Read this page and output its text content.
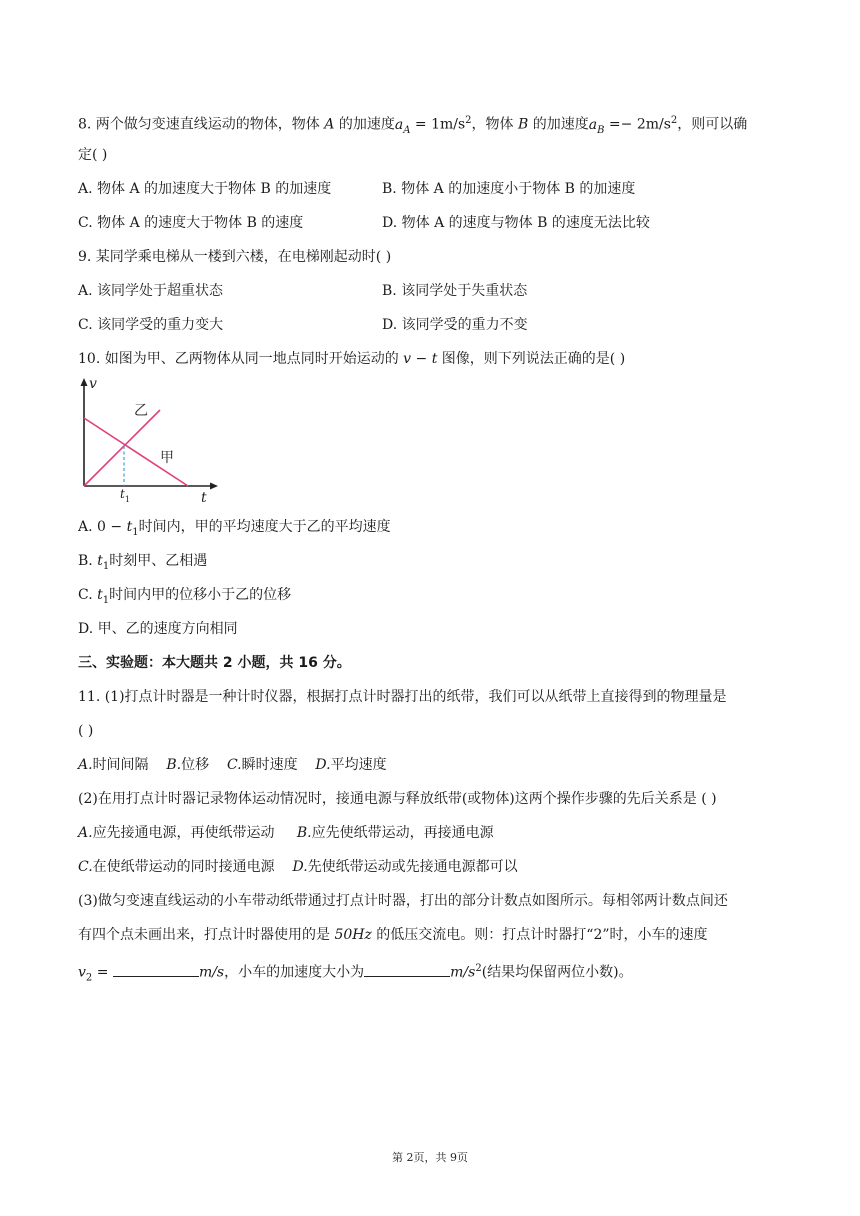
8. 两个做匀变速直线运动的物体，物体 A 的加速度$a_A = 1m/s^2$，物体 B 的加速度$a_B =- 2m/s^2$，则可以确
定( )
A. 物体 A 的加速度大于物体 B 的加速度	B. 物体 A 的加速度小于物体 B 的加速度
C. 物体 A 的速度大于物体 B 的速度	D. 物体 A 的速度与物体 B 的速度无法比较
9. 某同学乘电梯从一楼到六楼，在电梯刚起动时( )
A. 该同学处于超重状态	B. 该同学处于失重状态
C. 该同学受的重力变大	D. 该同学受的重力不变
10. 如图为甲、乙两物体从同一地点同时开始运动的 v − t 图像，则下列说法正确的是( )
v
t
$t_1$
乙
甲
A. $0 - t_1$时间内，甲的平均速度大于乙的平均速度
B. $t_1$时刻甲、乙相遇
C. $t_1$时间内甲的位移小于乙的位移
D. 甲、乙的速度方向相同
三、实验题：本大题共 2 小题，共 16 分。
11. (1)打点计时器是一种计时仪器，根据打点计时器打出的纸带，我们可以从纸带上直接得到的物理量是
( )
A.时间间隔 B.位移 C.瞬时速度 D.平均速度
(2)在用打点计时器记录物体运动情况时，接通电源与释放纸带(或物体)这两个操作步骤的先后关系是 ( )
A.应先接通电源，再使纸带运动 B.应先使纸带运动，再接通电源
C.在使纸带运动的同时接通电源 D.先使纸带运动或先接通电源都可以
(3)做匀变速直线运动的小车带动纸带通过打点计时器，打出的部分计数点如图所示。每相邻两计数点间还
有四个点未画出来，打点计时器使用的是 50Hz 的低压交流电。则：打点计时器打“2”时，小车的速度
$v_2$ =	m/s，小车的加速度大小为	$m/s^2$(结果均保留两位小数)。
第 2页，共 9页
